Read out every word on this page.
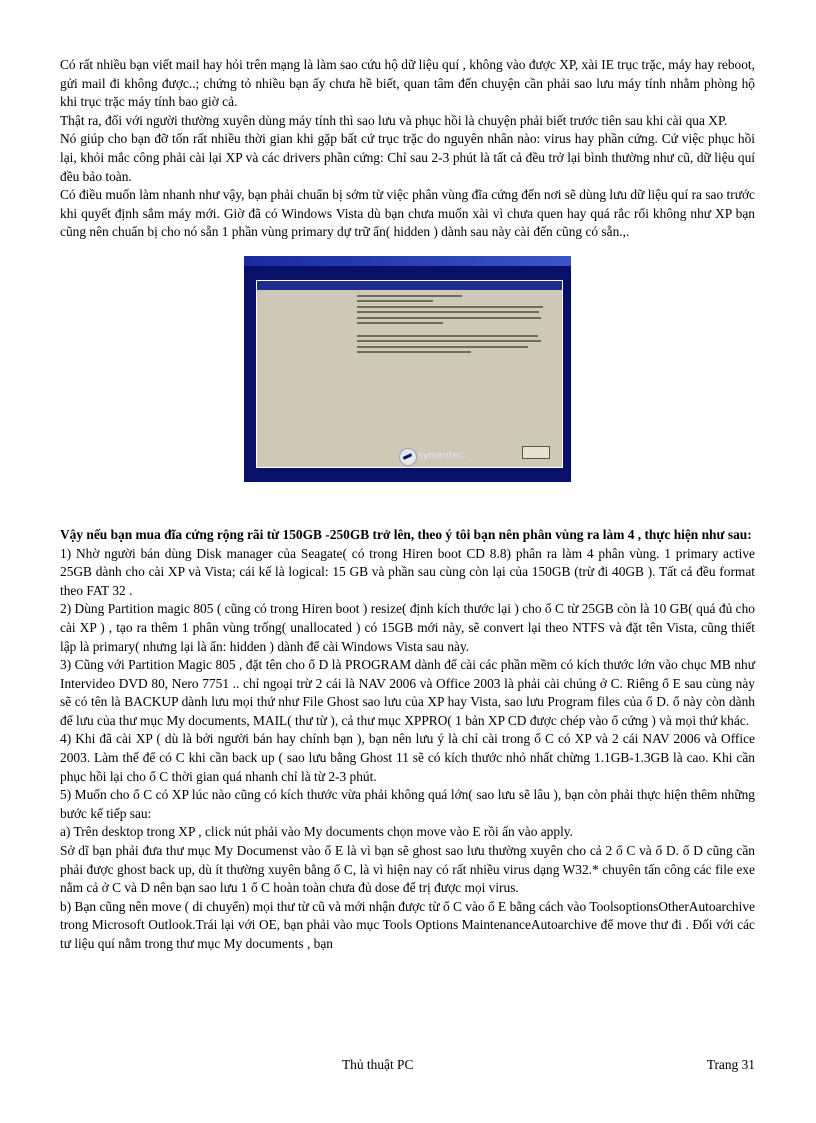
Có rất nhiều bạn viết mail hay hỏi trên mạng là làm sao cứu hộ dữ liệu quí , không vào được XP, xài IE trục trặc, máy hay reboot, gửi mail đi không được..; chứng tỏ nhiều bạn ấy chưa hề biết, quan tâm đến chuyện cần phải sao lưu máy tính nhằm phòng hộ khi trục trặc máy tính bao giờ cả.

Thật ra, đối với người thường xuyên dùng máy tính thì sao lưu và phục hồi là chuyện phải biết trước tiên sau khi cài qua XP.

Nó giúp cho bạn đỡ tốn rất nhiều thời gian khi gặp bất cứ trục trặc do nguyên nhân nào: virus hay phần cứng. Cứ việc phục hồi lại, khỏi mắc công phải cài lại XP và các drivers phần cứng: Chỉ sau 2-3 phút là tất cả đều trở lại bình thường như cũ, dữ liệu quí đều bảo toàn.

Có điều muốn làm nhanh như vậy, bạn phải chuẩn bị sớm từ việc phân vùng đĩa cứng đến nơi sẽ dùng lưu dữ liệu quí ra sao trước khi quyết định sắm máy mới. Giờ đã có Windows Vista dù bạn chưa muốn xài vì chưa quen hay quá rắc rối không như XP bạn cũng nên chuẩn bị cho nó sẵn 1 phần vùng primary dự trữ ẩn( hidden ) dành sau này cài đến cũng có sẵn.,.

symantec.

Vậy nếu bạn mua đĩa cứng rộng rãi từ 150GB -250GB trở lên, theo ý tôi bạn nên phân vùng ra làm 4 , thực hiện như sau:

1) Nhờ người bán dùng Disk manager của Seagate( có trong Hiren boot CD 8.8) phân ra làm 4 phân vùng. 1 primary active 25GB dành cho cài XP và Vista; cái kế là logical: 15 GB và phần sau cùng còn lại của 150GB (trừ đi 40GB ). Tất cả đều format theo FAT 32 .

2) Dùng Partition magic 805 ( cũng có trong Hiren boot ) resize( định kích thước lại ) cho ổ C từ 25GB còn là 10 GB( quá đủ cho cài XP ) , tạo ra thêm 1 phân vùng trống( unallocated ) có 15GB mới này, sẽ convert lại theo NTFS và đặt tên Vista, cũng thiết lập là primary( nhưng lại là ẩn: hidden ) dành để cài Windows Vista sau này.

3) Cũng với Partition Magic 805 , đặt tên cho ổ D là PROGRAM dành để cài các phần mềm có kích thước lớn vào chục MB như Intervideo DVD 80, Nero 7751 .. chỉ ngoại trừ 2 cái là NAV 2006 và Office 2003 là phải cài chúng ở C. Riêng ổ E sau cùng này sẽ có tên là BACKUP dành lưu mọi thứ như File Ghost sao lưu của XP hay Vista, sao lưu Program files của ổ D. ổ này còn dành để lưu của thư mục My documents, MAIL( thư từ ), cả thư mục XPPRO( 1 bản XP CD được chép vào ổ cứng ) và mọi thứ khác.

4) Khi đã cài XP ( dù là bởi người bán hay chính bạn ), bạn nên lưu ý là chỉ cài trong ổ C có XP và 2 cái NAV 2006 và Office 2003. Làm thế để có C khi cần back up ( sao lưu bằng Ghost 11 sẽ có kích thước nhỏ nhất chừng 1.1GB-1.3GB là cao. Khi cần phục hồi lại cho ổ C thời gian quá nhanh chỉ là từ 2-3 phút.

5) Muốn cho ổ C có XP lúc nào cũng có kích thước vừa phải không quá lớn( sao lưu sẽ lâu ), bạn còn phải thực hiện thêm những bước kế tiếp sau:

a) Trên desktop trong XP , click nút phải vào My documents chọn move vào E rồi ấn vào apply.

Sở dĩ bạn phải đưa thư mục My Documenst vào ổ E là vì bạn sẽ ghost sao lưu thường xuyên cho cả 2 ổ C và ổ D. ổ D cũng cần phải được ghost back up, dù ít thường xuyên bằng ổ C, là vì hiện nay có rất nhiều virus dạng W32.* chuyên tấn công các file exe nằm cả ở C và D nên bạn sao lưu 1 ổ C hoàn toàn chưa đủ dose để trị được mọi virus.

b) Bạn cũng nên move ( di chuyển) mọi thư từ cũ và mới nhận được từ ổ C vào ổ E bằng cách vào ToolsoptionsOtherAutoarchive trong Microsoft Outlook.Trái lại với OE, bạn phải vào mục Tools Options MaintenanceAutoarchive để move thư đi . Đối với các tư liệu quí nằm trong thư mục My documents , bạn

Thủ thuật PC	Trang 31
